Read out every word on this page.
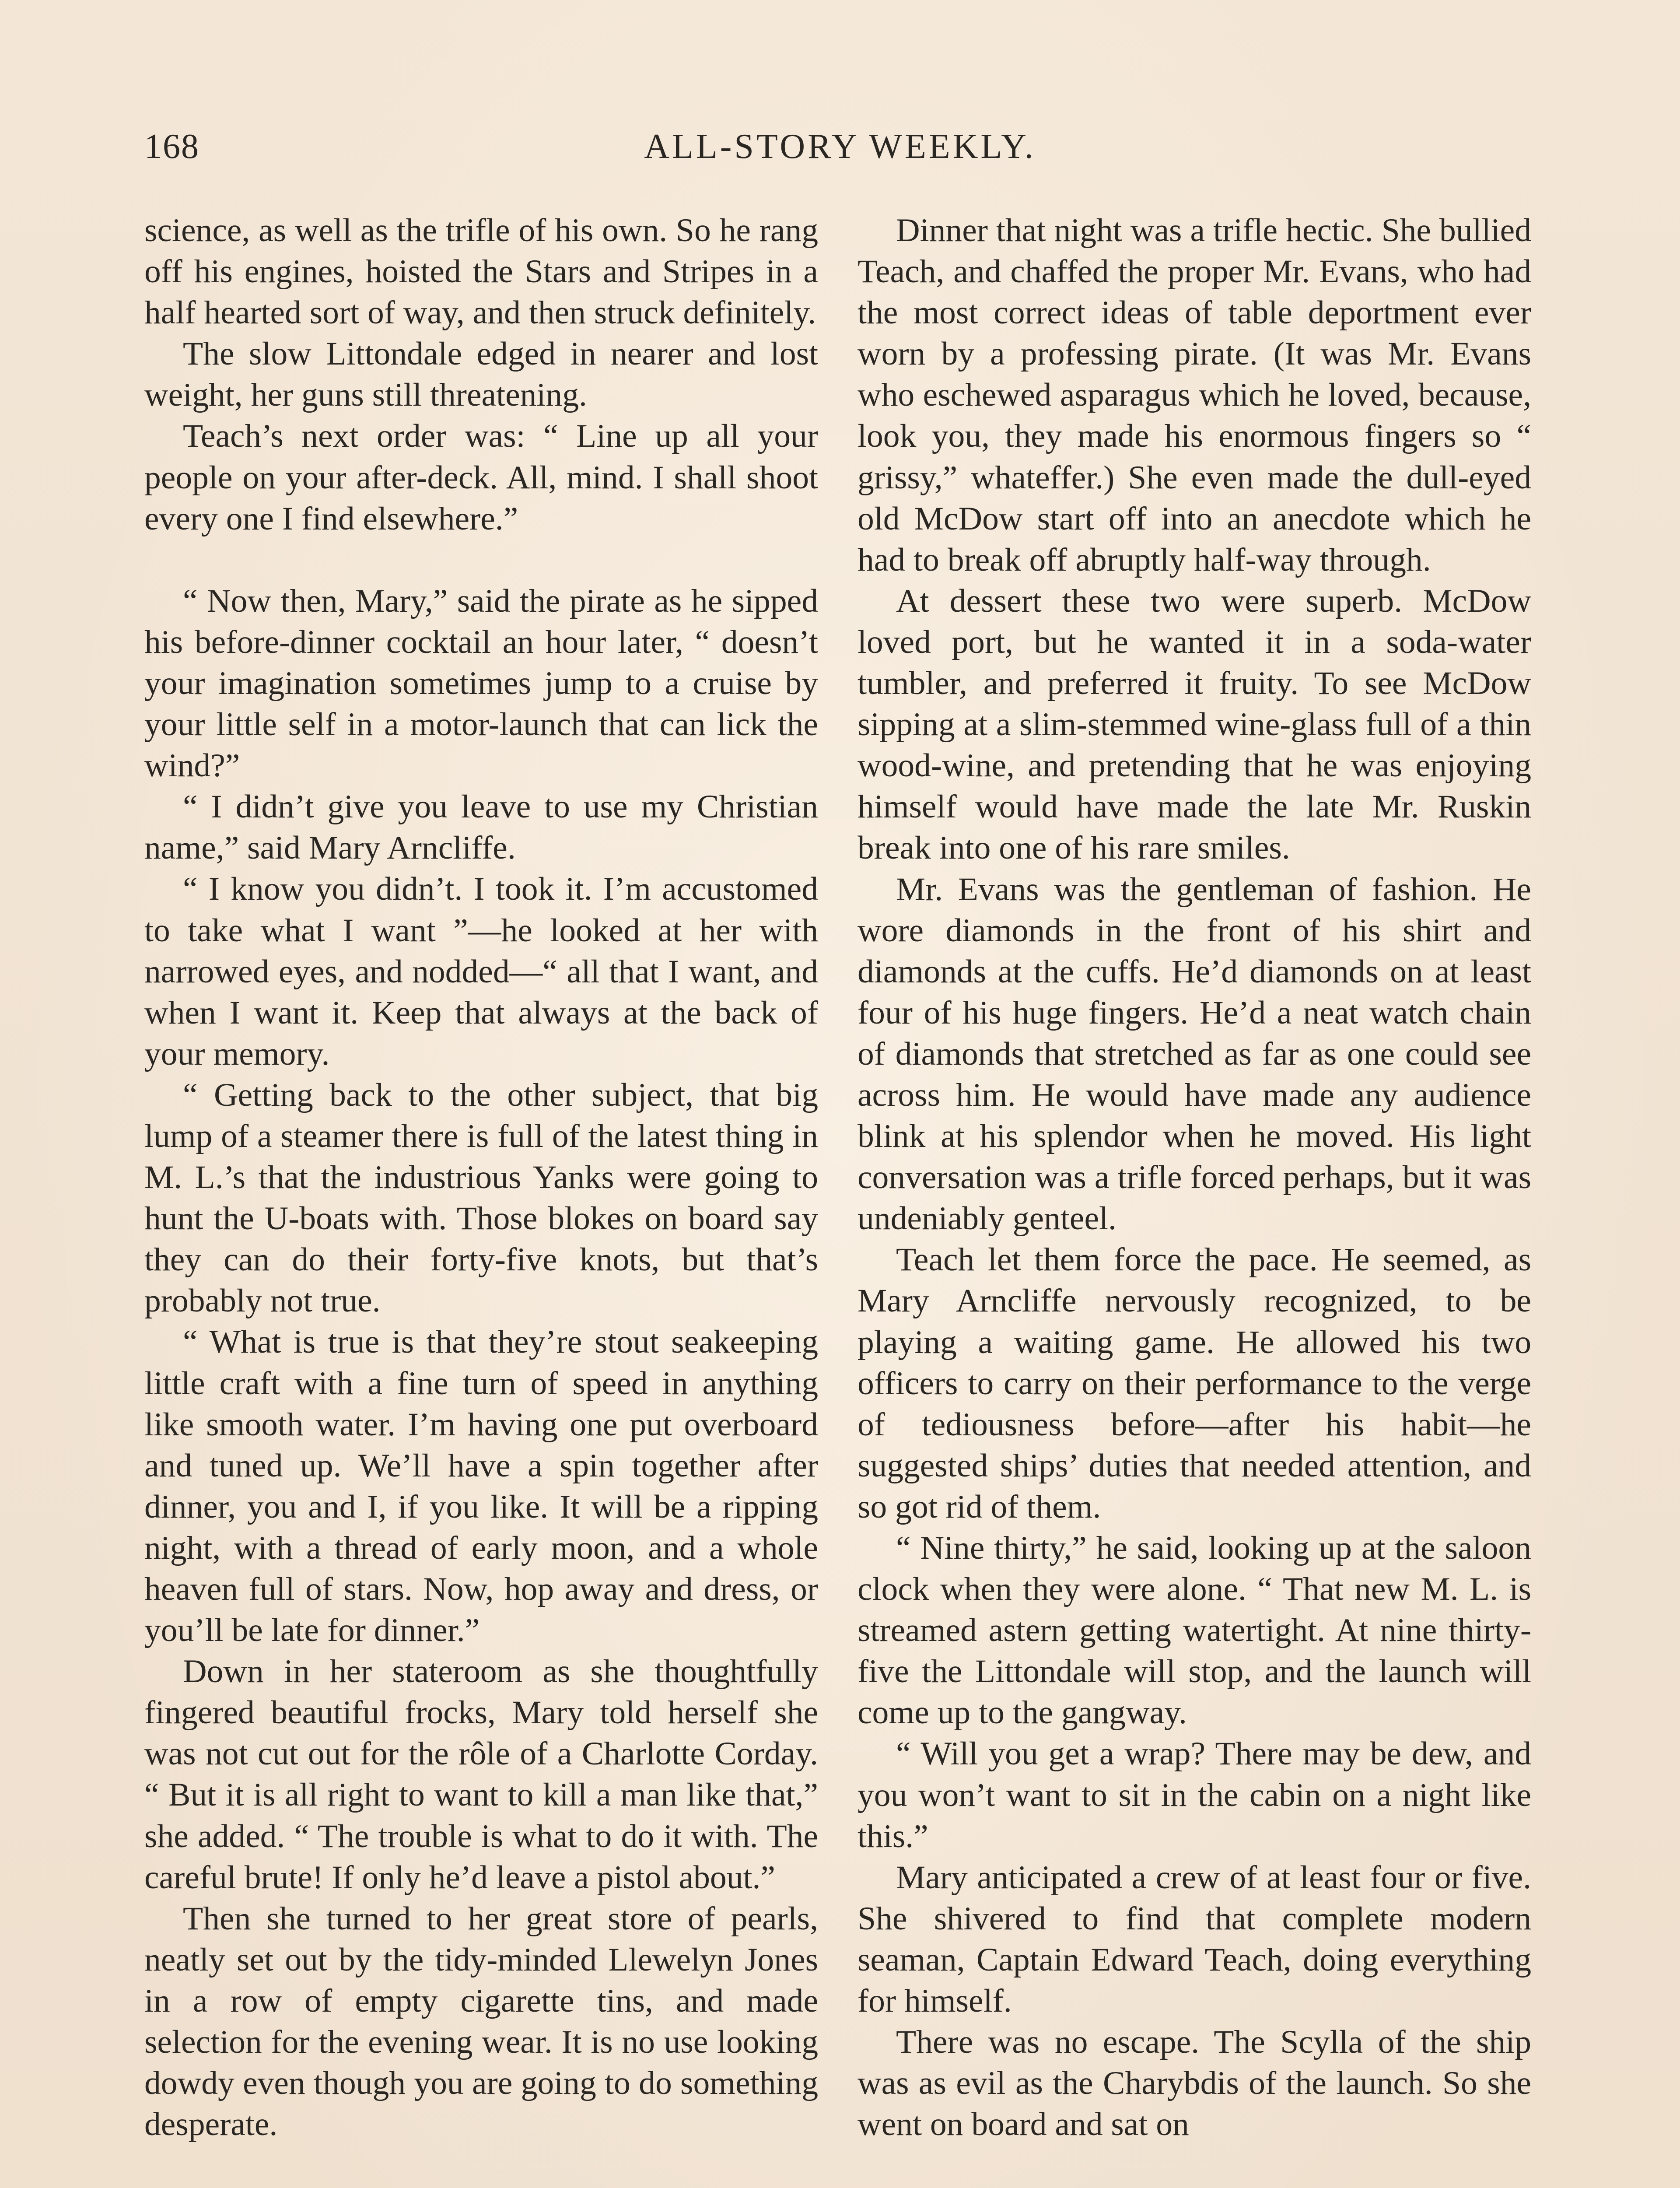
168	ALL-STORY WEEKLY.

science, as well as the trifle of his own. So he rang off his engines, hoisted the Stars and Stripes in a half hearted sort of way, and then struck definitely.

The slow Littondale edged in nearer and lost weight, her guns still threatening.

Teach’s next order was: “ Line up all your people on your after-deck. All, mind. I shall shoot every one I find elsewhere.”

“ Now then, Mary,” said the pirate as he sipped his before-dinner cocktail an hour later, “ doesn’t your imagination sometimes jump to a cruise by your little self in a motor-launch that can lick the wind?”

“ I didn’t give you leave to use my Christian name,” said Mary Arncliffe.

“ I know you didn’t. I took it. I’m accustomed to take what I want ”—he looked at her with narrowed eyes, and nodded—“ all that I want, and when I want it. Keep that always at the back of your memory.

“ Getting back to the other subject, that big lump of a steamer there is full of the latest thing in M. L.’s that the industrious Yanks were going to hunt the U-boats with. Those blokes on board say they can do their forty-five knots, but that’s probably not true.

“ What is true is that they’re stout seakeeping little craft with a fine turn of speed in anything like smooth water. I’m having one put overboard and tuned up. We’ll have a spin together after dinner, you and I, if you like. It will be a ripping night, with a thread of early moon, and a whole heaven full of stars. Now, hop away and dress, or you’ll be late for dinner.”

Down in her stateroom as she thoughtfully fingered beautiful frocks, Mary told herself she was not cut out for the rôle of a Charlotte Corday. “ But it is all right to want to kill a man like that,” she added. “ The trouble is what to do it with. The careful brute! If only he’d leave a pistol about.”

Then she turned to her great store of pearls, neatly set out by the tidy-minded Llewelyn Jones in a row of empty cigarette tins, and made selection for the evening wear. It is no use looking dowdy even though you are going to do something desperate.

Dinner that night was a trifle hectic. She bullied Teach, and chaffed the proper Mr. Evans, who had the most correct ideas of table deportment ever worn by a professing pirate. (It was Mr. Evans who eschewed asparagus which he loved, because, look you, they made his enormous fingers so “ grissy,” whateffer.) She even made the dull-eyed old McDow start off into an anecdote which he had to break off abruptly half-way through.

At dessert these two were superb. McDow loved port, but he wanted it in a soda-water tumbler, and preferred it fruity. To see McDow sipping at a slim-stemmed wine-glass full of a thin wood-wine, and pretending that he was enjoying himself would have made the late Mr. Ruskin break into one of his rare smiles.

Mr. Evans was the gentleman of fashion. He wore diamonds in the front of his shirt and diamonds at the cuffs. He’d diamonds on at least four of his huge fingers. He’d a neat watch chain of diamonds that stretched as far as one could see across him. He would have made any audience blink at his splendor when he moved. His light conversation was a trifle forced perhaps, but it was undeniably genteel.

Teach let them force the pace. He seemed, as Mary Arncliffe nervously recognized, to be playing a waiting game. He allowed his two officers to carry on their performance to the verge of tediousness before—after his habit—he suggested ships’ duties that needed attention, and so got rid of them.

“ Nine thirty,” he said, looking up at the saloon clock when they were alone. “ That new M. L. is streamed astern getting watertight. At nine thirty-five the Littondale will stop, and the launch will come up to the gangway.

“ Will you get a wrap? There may be dew, and you won’t want to sit in the cabin on a night like this.”

Mary anticipated a crew of at least four or five. She shivered to find that complete modern seaman, Captain Edward Teach, doing everything for himself.

There was no escape. The Scylla of the ship was as evil as the Charybdis of the launch. So she went on board and sat on
